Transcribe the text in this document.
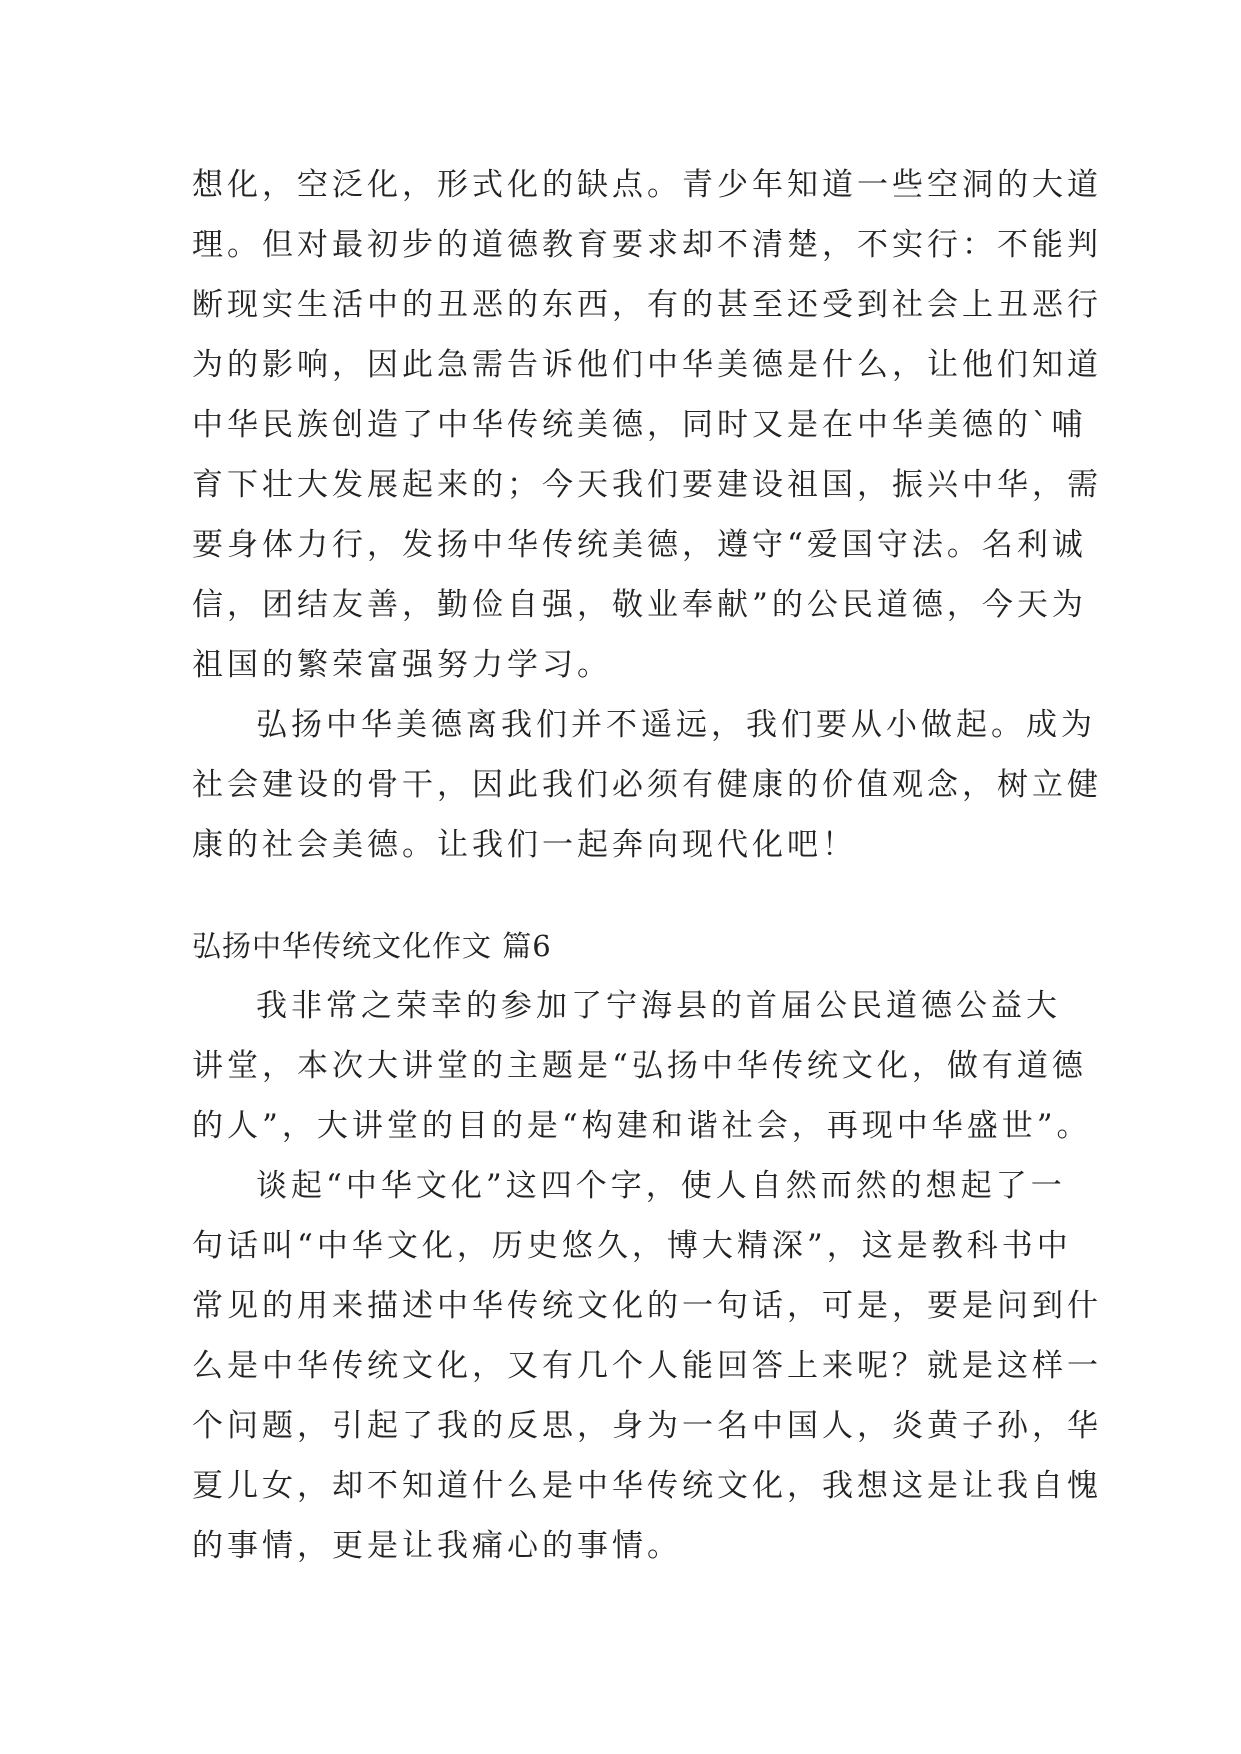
想化，空泛化，形式化的缺点。青少年知道一些空洞的大道
理。但对最初步的道德教育要求却不清楚，不实行：不能判
断现实生活中的丑恶的东西，有的甚至还受到社会上丑恶行
为的影响，因此急需告诉他们中华美德是什么，让他们知道
中华民族创造了中华传统美德，同时又是在中华美德的`哺
育下壮大发展起来的；今天我们要建设祖国，振兴中华，需
要身体力行，发扬中华传统美德，遵守“爱国守法。名利诚
信，团结友善，勤俭自强，敬业奉献”的公民道德，今天为
祖国的繁荣富强努力学习。
弘扬中华美德离我们并不遥远，我们要从小做起。成为
社会建设的骨干，因此我们必须有健康的价值观念，树立健
康的社会美德。让我们一起奔向现代化吧！
弘扬中华传统文化作文 篇6
我非常之荣幸的参加了宁海县的首届公民道德公益大
讲堂，本次大讲堂的主题是“弘扬中华传统文化，做有道德
的人”，大讲堂的目的是“构建和谐社会，再现中华盛世”。
谈起“中华文化”这四个字，使人自然而然的想起了一
句话叫“中华文化，历史悠久，博大精深”，这是教科书中
常见的用来描述中华传统文化的一句话，可是，要是问到什
么是中华传统文化，又有几个人能回答上来呢？就是这样一
个问题，引起了我的反思，身为一名中国人，炎黄子孙，华
夏儿女，却不知道什么是中华传统文化，我想这是让我自愧
的事情，更是让我痛心的事情。
